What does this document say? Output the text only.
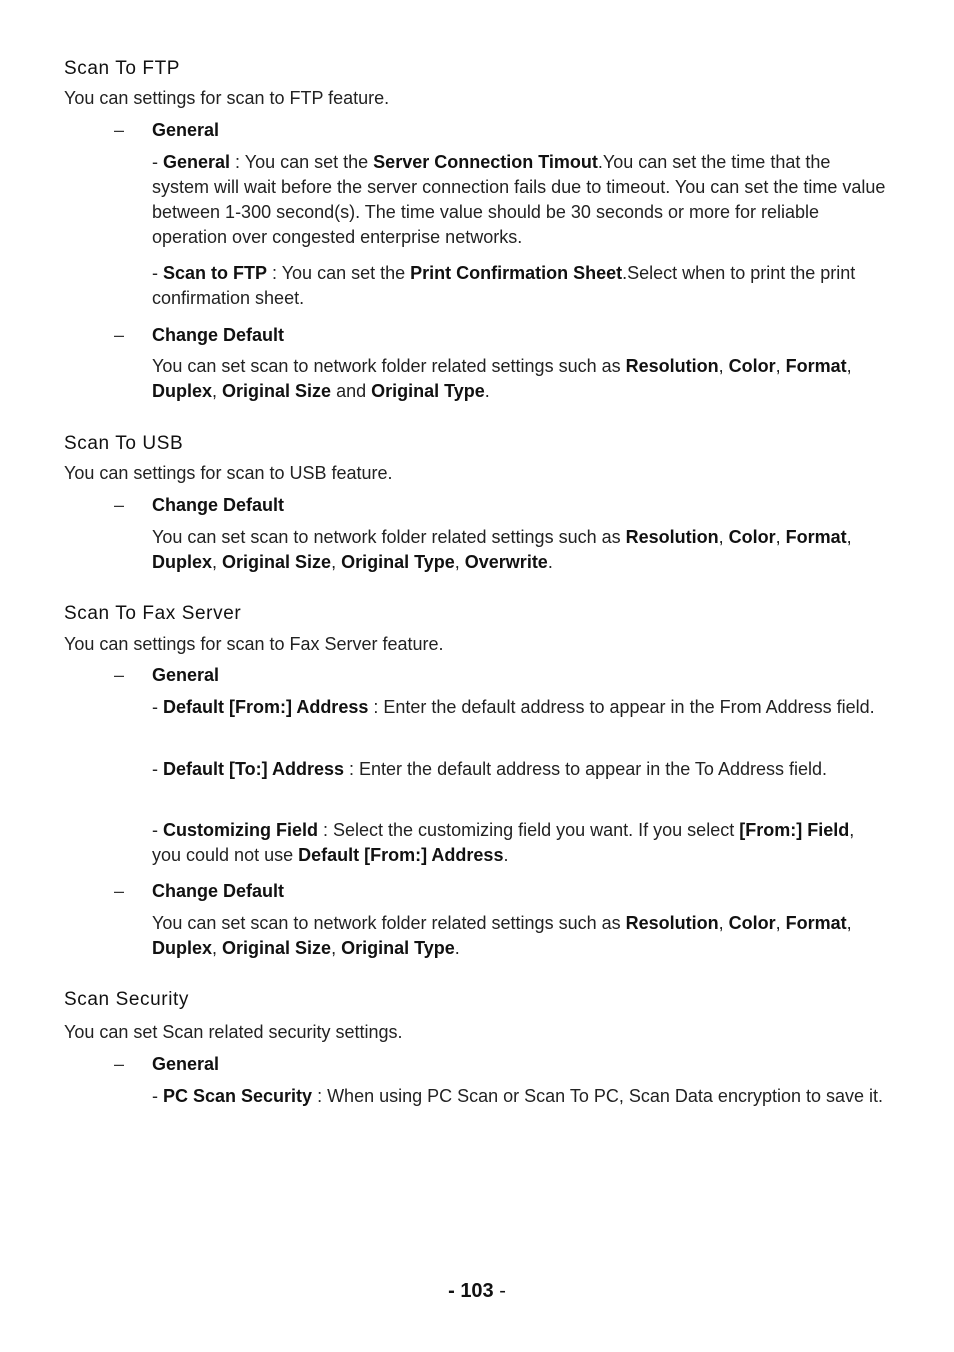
Scan To FTP

You can settings for scan to FTP feature.

– General

- General : You can set the Server Connection Timout.You can set the time that the system will wait before the server connection fails due to timeout. You can set the time value between 1-300 second(s). The time value should be 30 seconds or more for reliable operation over congested enterprise networks.

- Scan to FTP : You can set the Print Confirmation Sheet.Select when to print the print confirmation sheet.

– Change Default

You can set scan to network folder related settings such as Resolution, Color, Format, Duplex, Original Size and Original Type.

Scan To USB

You can settings for scan to USB feature.

– Change Default

You can set scan to network folder related settings such as Resolution, Color, Format, Duplex, Original Size, Original Type, Overwrite.

Scan To Fax Server

You can settings for scan to Fax Server feature.

– General

- Default [From:] Address : Enter the default address to appear in the From Address field.

- Default [To:] Address : Enter the default address to appear in the To Address field.

- Customizing Field : Select the customizing field you want. If you select [From:] Field, you could not use Default [From:] Address.

– Change Default

You can set scan to network folder related settings such as Resolution, Color, Format, Duplex, Original Size, Original Type.

Scan Security

You can set Scan related security settings.

– General

- PC Scan Security : When using PC Scan or Scan To PC, Scan Data encryption to save it.

- 103 -
